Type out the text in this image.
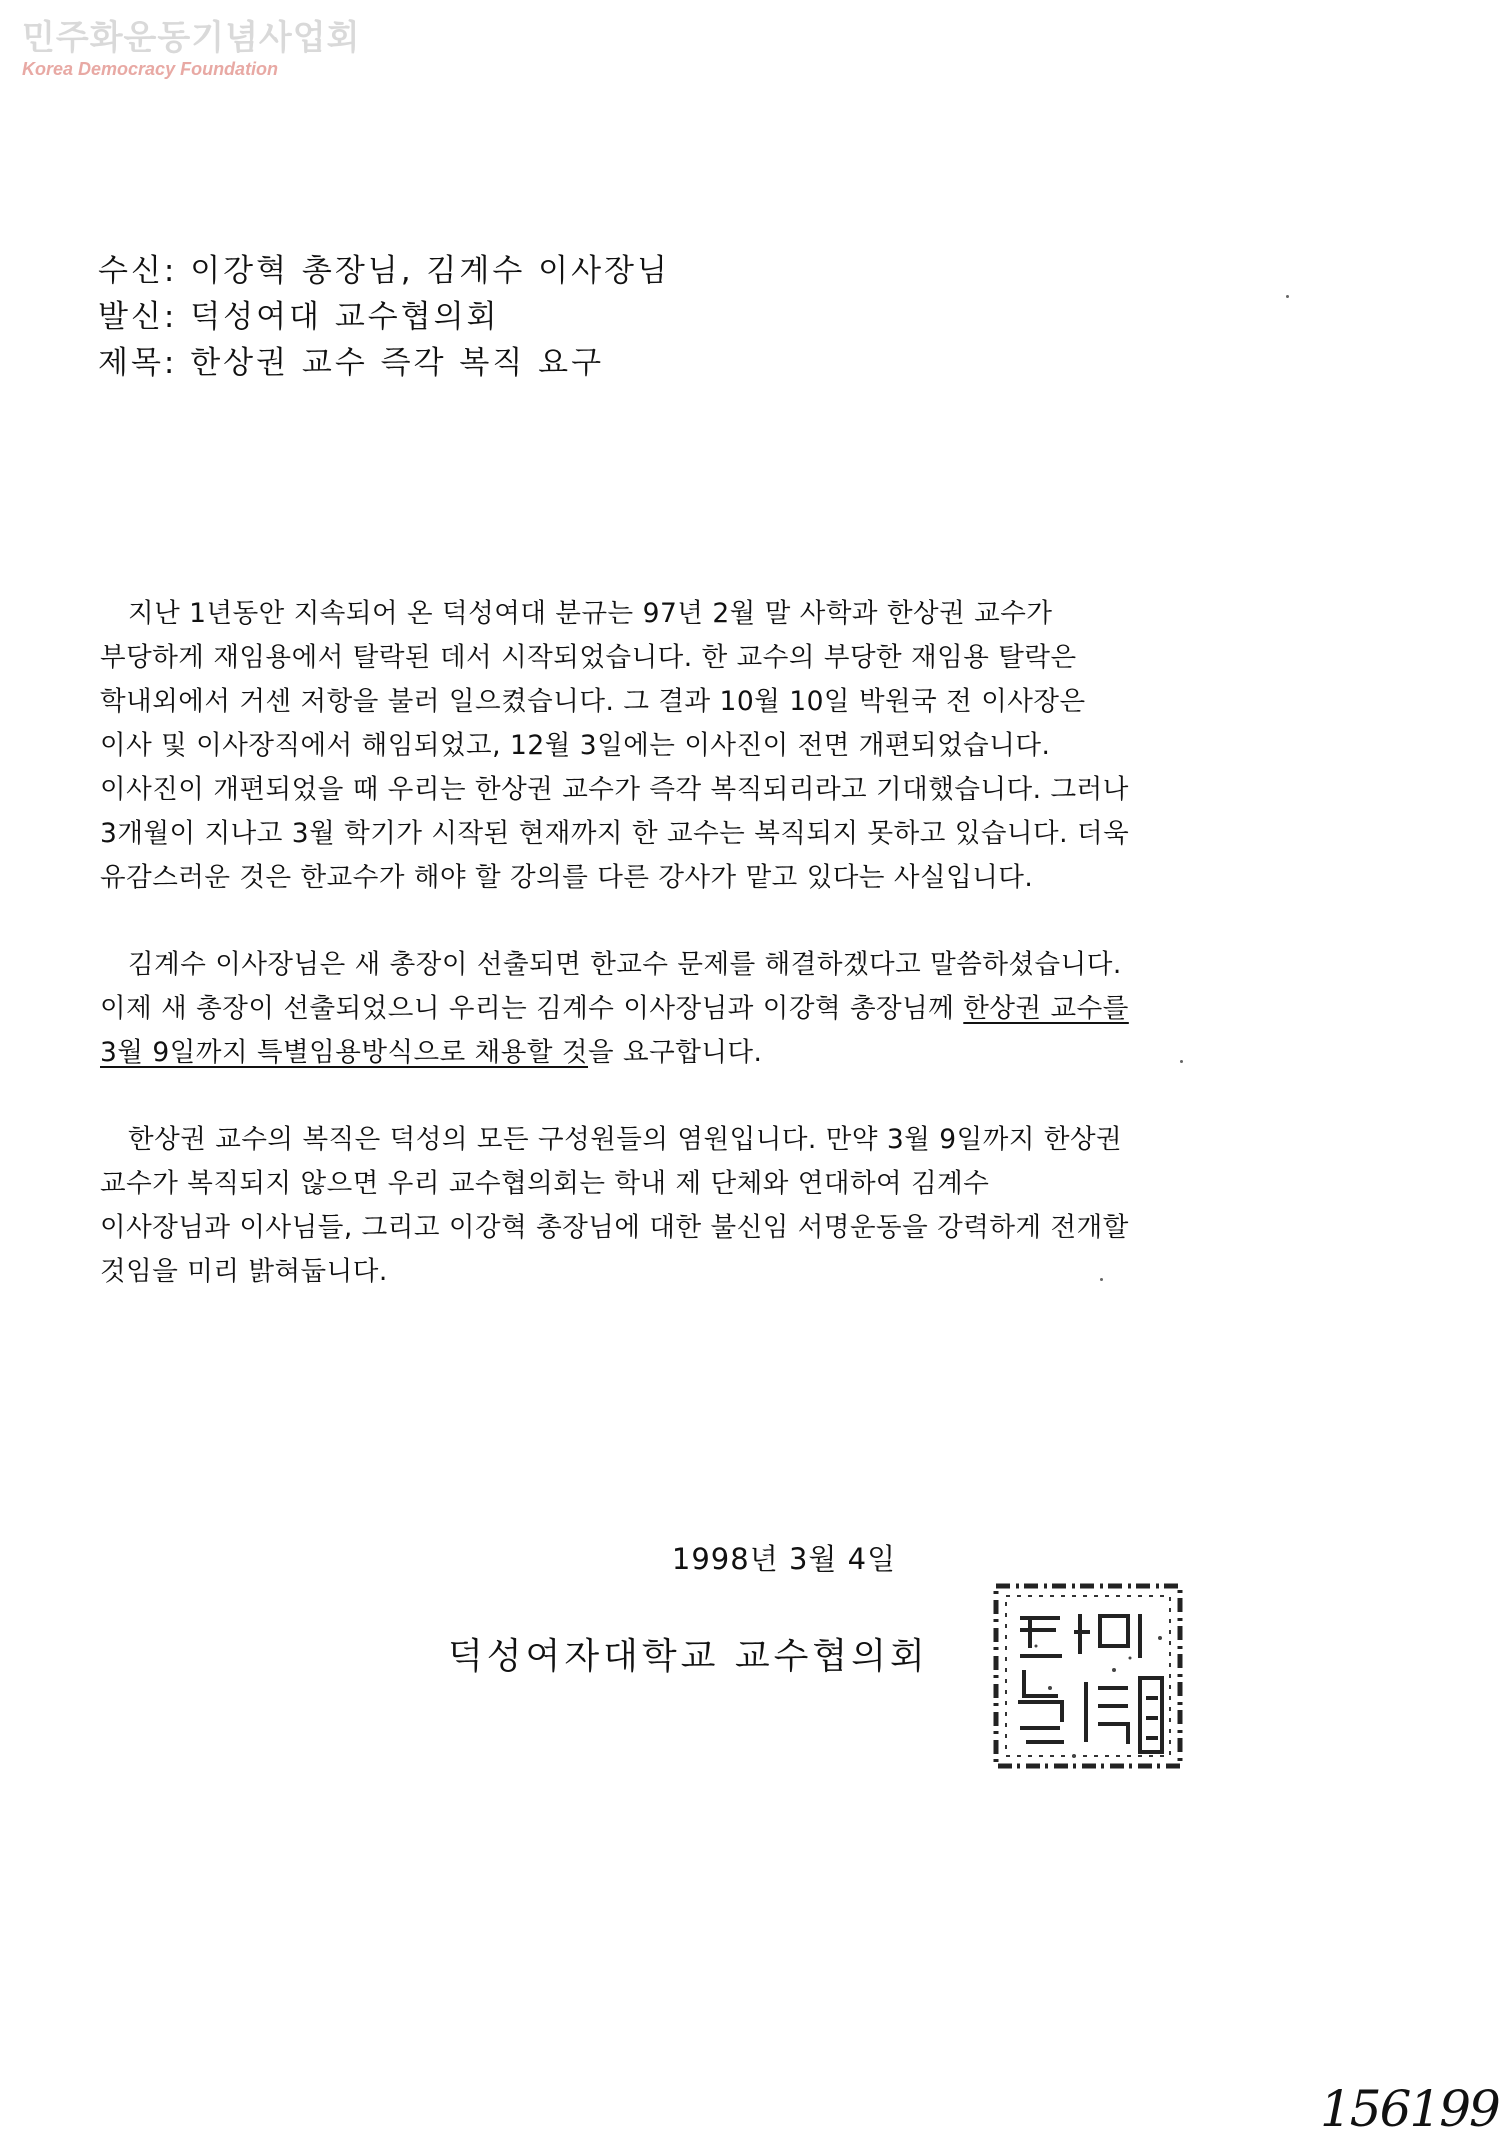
민주화운동기념사업회
Korea Democracy Foundation
수신: 이강혁 총장님, 김계수 이사장님
발신: 덕성여대 교수협의회
제목: 한상권 교수 즉각 복직 요구
지난 1년동안 지속되어 온 덕성여대 분규는 97년 2월 말 사학과 한상권 교수가
부당하게 재임용에서 탈락된 데서 시작되었습니다. 한 교수의 부당한 재임용 탈락은
학내외에서 거센 저항을 불러 일으켰습니다. 그 결과 10월 10일 박원국 전 이사장은
이사 및 이사장직에서 해임되었고, 12월 3일에는 이사진이 전면 개편되었습니다.
이사진이 개편되었을 때 우리는 한상권 교수가 즉각 복직되리라고 기대했습니다. 그러나
3개월이 지나고 3월 학기가 시작된 현재까지 한 교수는 복직되지 못하고 있습니다. 더욱
유감스러운 것은 한교수가 해야 할 강의를 다른 강사가 맡고 있다는 사실입니다.
김계수 이사장님은 새 총장이 선출되면 한교수 문제를 해결하겠다고 말씀하셨습니다.
이제 새 총장이 선출되었으니 우리는 김계수 이사장님과 이강혁 총장님께 한상권 교수를
3월 9일까지 특별임용방식으로 채용할 것을 요구합니다.
한상권 교수의 복직은 덕성의 모든 구성원들의 염원입니다. 만약 3월 9일까지 한상권
교수가 복직되지 않으면 우리 교수협의회는 학내 제 단체와 연대하여 김계수
이사장님과 이사님들, 그리고 이강혁 총장님에 대한 불신임 서명운동을 강력하게 전개할
것임을 미리 밝혀둡니다.
1998년 3월 4일
덕성여자대학교 교수협의회
156199
